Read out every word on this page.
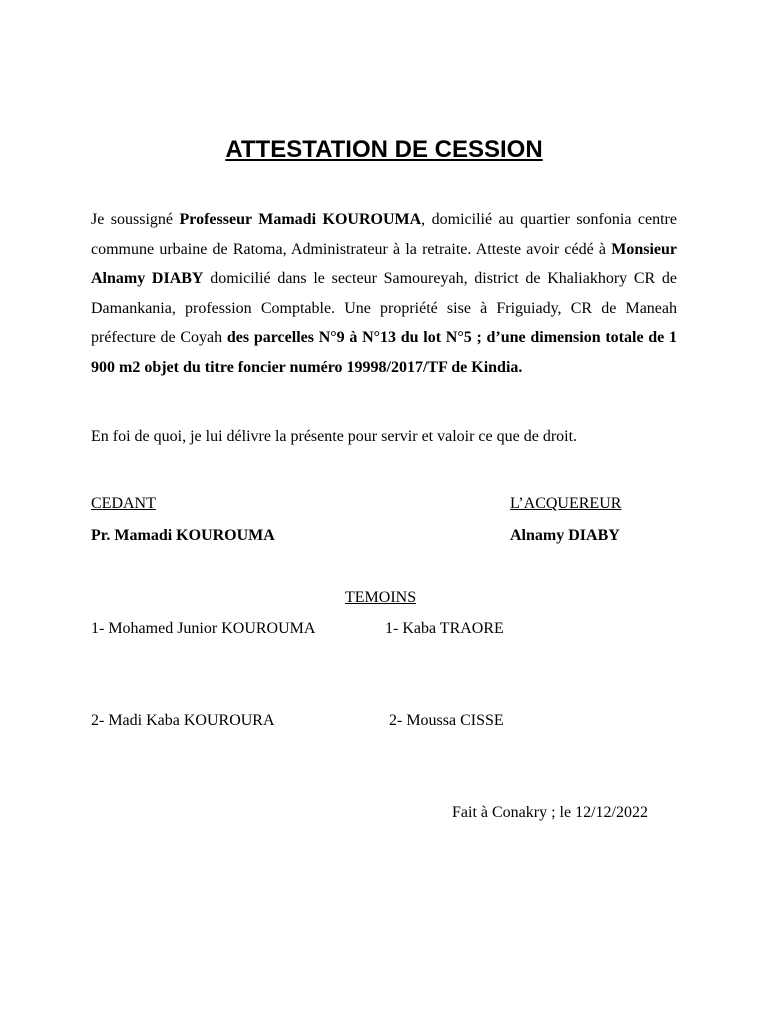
ATTESTATION DE CESSION

Je soussigné Professeur Mamadi KOUROUMA, domicilié au quartier sonfonia centre commune urbaine de Ratoma, Administrateur à la retraite. Atteste avoir cédé à Monsieur Alnamy DIABY domicilié dans le secteur Samoureyah, district de Khaliakhory CR de Damankania, profession Comptable. Une propriété sise à Friguiady, CR de Maneah préfecture de Coyah des parcelles N°9 à N°13 du lot N°5 ; d’une dimension totale de 1 900 m2 objet du titre foncier numéro 19998/2017/TF de Kindia.

En foi de quoi, je lui délivre la présente pour servir et valoir ce que de droit.

CEDANT

Pr. Mamadi KOUROUMA

L’ACQUEREUR

Alnamy DIABY

TEMOINS

1- Mohamed Junior KOUROUMA	1- Kaba TRAORE

2- Madi Kaba KOUROURA	2- Moussa CISSE

Fait à Conakry ; le 12/12/2022
